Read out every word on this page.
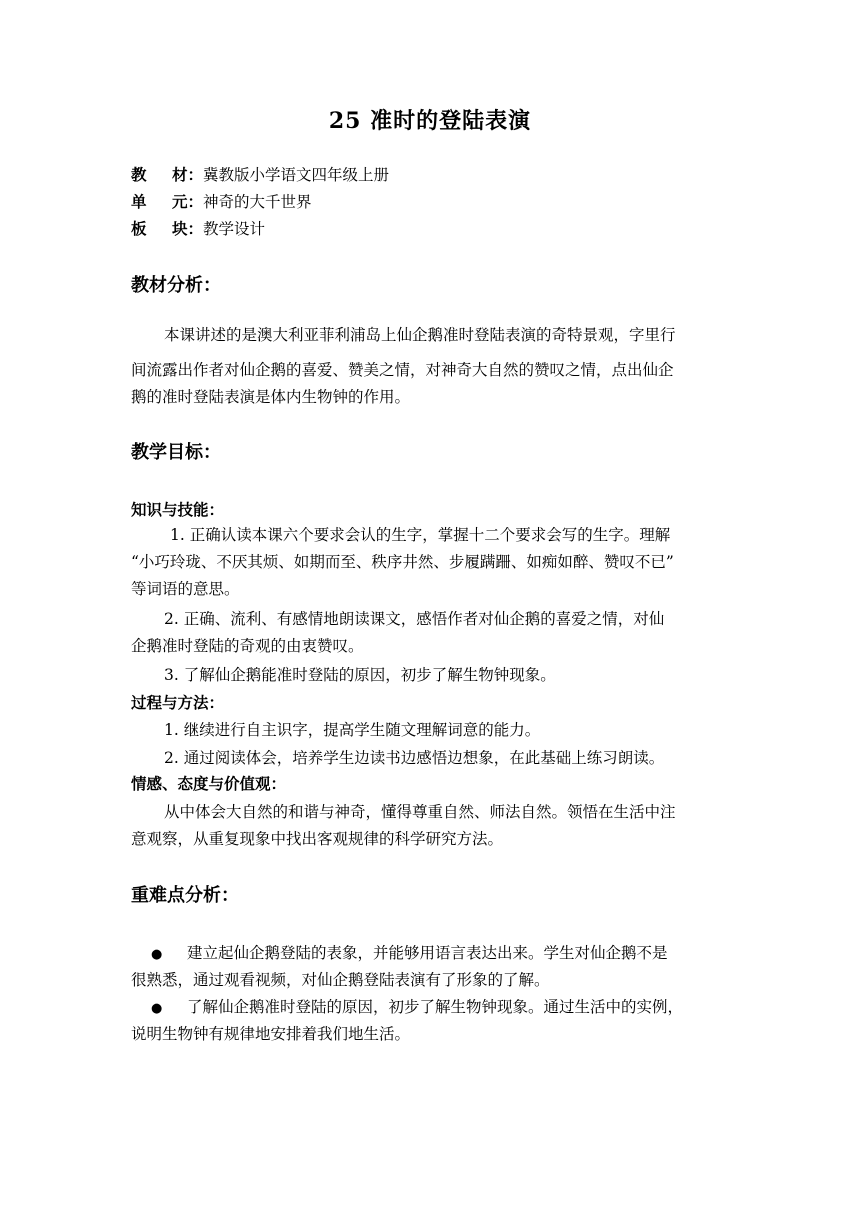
25 准时的登陆表演
教 材：冀教版小学语文四年级上册
单 元：神奇的大千世界
板 块：教学设计
教材分析：
本课讲述的是澳大利亚菲利浦岛上仙企鹅准时登陆表演的奇特景观，字里行
间流露出作者对仙企鹅的喜爱、赞美之情，对神奇大自然的赞叹之情，点出仙企
鹅的准时登陆表演是体内生物钟的作用。
教学目标：
知识与技能：
1. 正确认读本课六个要求会认的生字，掌握十二个要求会写的生字。理解
“小巧玲珑、不厌其烦、如期而至、秩序井然、步履蹒跚、如痴如醉、赞叹不已”
等词语的意思。
2. 正确、流利、有感情地朗读课文，感悟作者对仙企鹅的喜爱之情，对仙
企鹅准时登陆的奇观的由衷赞叹。
3. 了解仙企鹅能准时登陆的原因，初步了解生物钟现象。
过程与方法：
1. 继续进行自主识字，提高学生随文理解词意的能力。
2. 通过阅读体会，培养学生边读书边感悟边想象，在此基础上练习朗读。
情感、态度与价值观：
从中体会大自然的和谐与神奇，懂得尊重自然、师法自然。领悟在生活中注
意观察，从重复现象中找出客观规律的科学研究方法。
重难点分析：
● 建立起仙企鹅登陆的表象，并能够用语言表达出来。学生对仙企鹅不是
很熟悉，通过观看视频，对仙企鹅登陆表演有了形象的了解。
● 了解仙企鹅准时登陆的原因，初步了解生物钟现象。通过生活中的实例，
说明生物钟有规律地安排着我们地生活。
